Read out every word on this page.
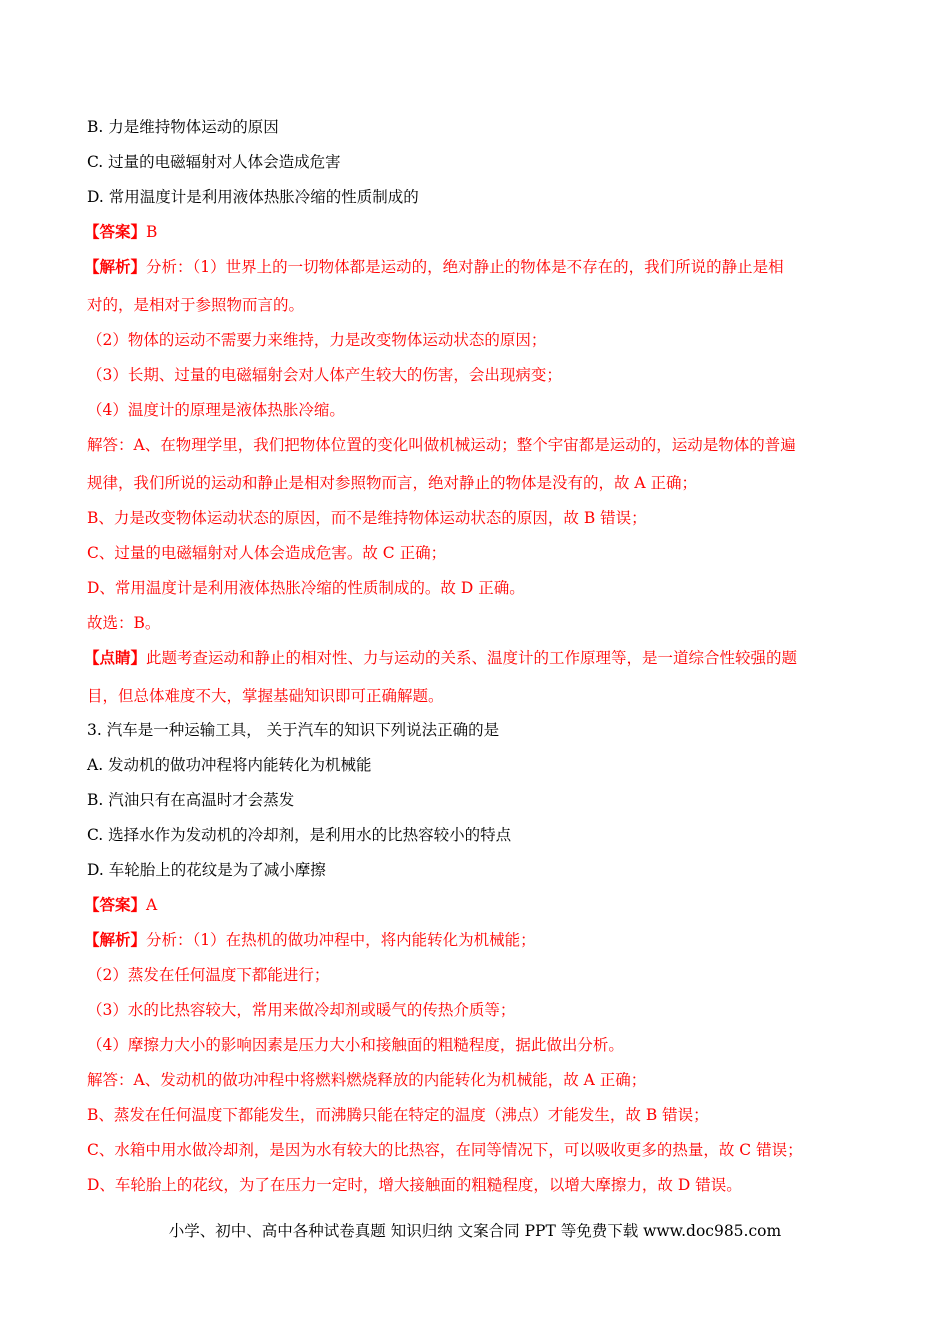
B. 力是维持物体运动的原因
C. 过量的电磁辐射对人体会造成危害
D. 常用温度计是利用液体热胀冷缩的性质制成的
【答案】B
【解析】分析：（1）世界上的一切物体都是运动的，绝对静止的物体是不存在的，我们所说的静止是相
对的，是相对于参照物而言的。
（2）物体的运动不需要力来维持，力是改变物体运动状态的原因；
（3）长期、过量的电磁辐射会对人体产生较大的伤害，会出现病变；
（4）温度计的原理是液体热胀冷缩。
解答：A、在物理学里，我们把物体位置的变化叫做机械运动；整个宇宙都是运动的，运动是物体的普遍
规律，我们所说的运动和静止是相对参照物而言，绝对静止的物体是没有的，故 A 正确；
B、力是改变物体运动状态的原因，而不是维持物体运动状态的原因，故 B 错误；
C、过量的电磁辐射对人体会造成危害。故 C 正确；
D、常用温度计是利用液体热胀冷缩的性质制成的。故 D 正确。
故选：B。
【点睛】此题考查运动和静止的相对性、力与运动的关系、温度计的工作原理等，是一道综合性较强的题
目，但总体难度不大，掌握基础知识即可正确解题。
3. 汽车是一种运输工具， 关于汽车的知识下列说法正确的是
A. 发动机的做功冲程将内能转化为机械能
B. 汽油只有在高温时才会蒸发
C. 选择水作为发动机的冷却剂，是利用水的比热容较小的特点
D. 车轮胎上的花纹是为了减小摩擦
【答案】A
【解析】分析：（1）在热机的做功冲程中，将内能转化为机械能；
（2）蒸发在任何温度下都能进行；
（3）水的比热容较大，常用来做冷却剂或暖气的传热介质等；
（4）摩擦力大小的影响因素是压力大小和接触面的粗糙程度，据此做出分析。
解答：A、发动机的做功冲程中将燃料燃烧释放的内能转化为机械能，故 A 正确；
B、蒸发在任何温度下都能发生，而沸腾只能在特定的温度（沸点）才能发生，故 B 错误；
C、水箱中用水做冷却剂，是因为水有较大的比热容，在同等情况下，可以吸收更多的热量，故 C 错误；
D、车轮胎上的花纹，为了在压力一定时，增大接触面的粗糙程度，以增大摩擦力，故 D 错误。
小学、初中、高中各种试卷真题 知识归纳 文案合同 PPT 等免费下载 www.doc985.com
